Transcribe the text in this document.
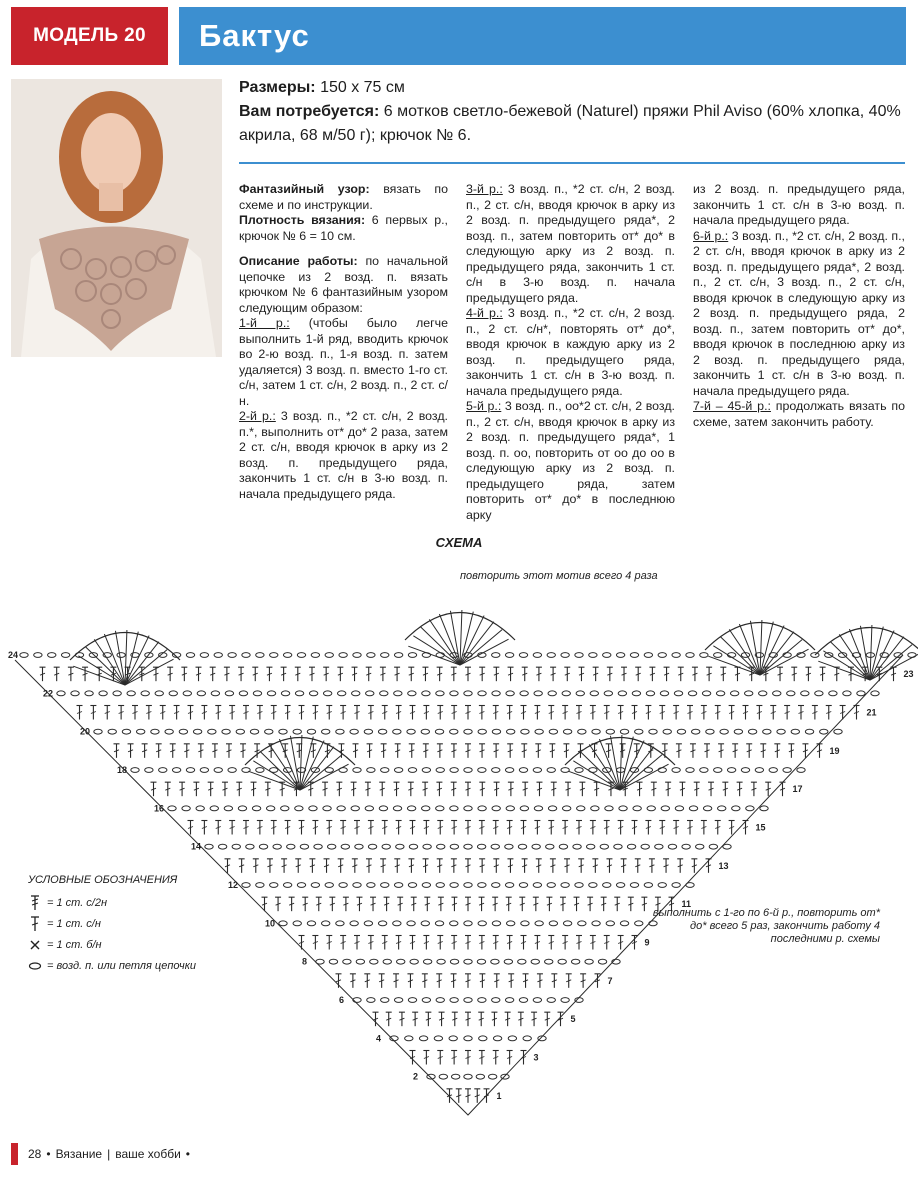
МОДЕЛЬ 20	Бактус
Размеры: 150 x 75 см
Вам потребуется: 6 мотков светло-бежевой (Naturel) пряжи Phil Aviso (60% хлопка, 40% акрила, 68 м/50 г); крючок № 6.

Фантазийный узор: вязать по схеме и по инструкции.

Плотность вязания: 6 первых р., крючок № 6 = 10 см.

Описание работы: по начальной цепочке из 2 возд. п. вязать крючком № 6 фантазийным узором следующим образом:

1-й р.: (чтобы было легче выполнить 1-й ряд, вводить крючок во 2-ю возд. п., 1-я возд. п. затем удаляется) 3 возд. п. вместо 1-го ст. с/н, затем 1 ст. с/н, 2 возд. п., 2 ст. с/н.

2-й р.: 3 возд. п., *2 ст. с/н, 2 возд. п.*, выполнить от* до* 2 раза, затем 2 ст. с/н, вводя крючок в арку из 2 возд. п. предыдущего ряда, закончить 1 ст. с/н в 3-ю возд. п. начала предыдущего ряда.

3-й р.: 3 возд. п., *2 ст. с/н, 2 возд. п., 2 ст. с/н, вводя крючок в арку из 2 возд. п. предыдущего ряда*, 2 возд. п., затем повторить от* до* в следующую арку из 2 возд. п. предыдущего ряда, закончить 1 ст. с/н в 3-ю возд. п. начала предыдущего ряда.

4-й р.: 3 возд. п., *2 ст. с/н, 2 возд. п., 2 ст. с/н*, повторять от* до*, вводя крючок в каждую арку из 2 возд. п. предыдущего ряда, закончить 1 ст. с/н в 3-ю возд. п. начала предыдущего ряда.

5-й р.: 3 возд. п., оо*2 ст. с/н, 2 возд. п., 2 ст. с/н, вводя крючок в арку из 2 возд. п. предыдущего ряда*, 1 возд. п. оо, повторить от оо до оо в следующую арку из 2 возд. п. предыдущего ряда, затем повторить от* до* в последнюю арку

из 2 возд. п. предыдущего ряда, закончить 1 ст. с/н в 3-ю возд. п. начала предыдущего ряда.

6-й р.: 3 возд. п., *2 ст. с/н, 2 возд. п., 2 ст. с/н, вводя крючок в арку из 2 возд. п. предыдущего ряда*, 2 возд. п., 2 ст. с/н, 3 возд. п., 2 ст. с/н, вводя крючок в следующую арку из 2 возд. п. предыдущего ряда, 2 возд. п., затем повторить от* до*, вводя крючок в последнюю арку из 2 возд. п. предыдущего ряда, закончить 1 ст. с/н в 3-ю возд. п. начала предыдущего ряда.

7-й – 45-й р.: продолжать вязать по схеме, затем закончить работу.

СХЕМА
повторить этот мотив всего 4 раза
1
3
5
7
9
11
13
15
17
19
21
23
2
4
6
8
10
12
14
16
18
20
22
24
выполнить с 1-го по 6-й р., повторить от* до* всего 5 раз, закончить работу 4 последними р. схемы
УСЛОВНЫЕ ОБОЗНАЧЕНИЯ
= 1 ст. с/2н
= 1 ст. с/н
= 1 ст. б/н
= возд. п. или петля цепочки
28 • Вязание | ваше хобби •
